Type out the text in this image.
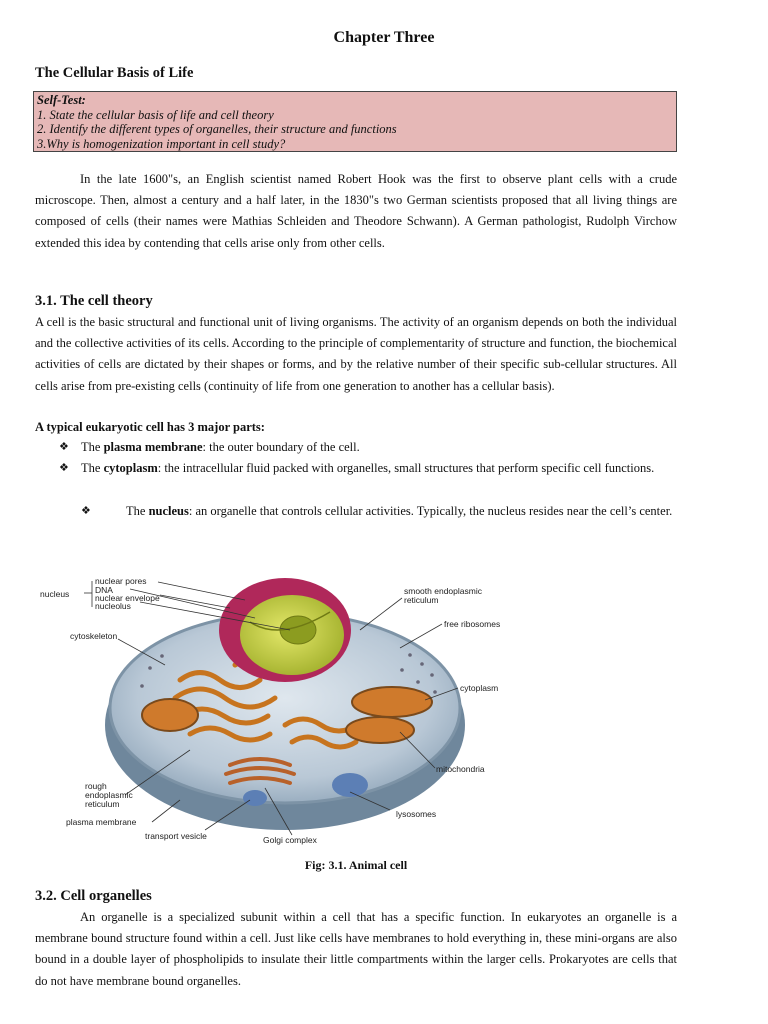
Chapter Three
The Cellular Basis of Life
Self-Test:
1. State the cellular basis of life and cell theory
2. Identify the different types of organelles, their structure and functions
3.Why is homogenization important in cell study?

In the late 1600"s, an English scientist named Robert Hook was the first to observe plant cells with a crude microscope. Then, almost a century and a half later, in the 1830"s two German scientists proposed that all living things are composed of cells (their names were Mathias Schleiden and Theodore Schwann). A German pathologist, Rudolph Virchow extended this idea by contending that cells arise only from other cells.

3.1. The cell theory

A cell is the basic structural and functional unit of living organisms. The activity of an organism depends on both the individual and the collective activities of its cells. According to the principle of complementarity of structure and function, the biochemical activities of cells are dictated by their shapes or forms, and by the relative number of their specific sub-cellular structures. All cells arise from pre-existing cells (continuity of life from one generation to another has a cellular basis).

A typical eukaryotic cell has 3 major parts:
❖ The plasma membrane: the outer boundary of the cell.
❖ The cytoplasm: the intracellular fluid packed with organelles, small structures that perform specific cell functions.
❖	The nucleus: an organelle that controls cellular activities. Typically, the nucleus resides near the cell’s center.
nucleus
nuclear pores
DNA
nuclear envelope
nucleolus
cytoskeleton
smooth endoplasmic
reticulum
free ribosomes
cytoplasm
mitochondria
lysosomes
rough
endoplasmic
reticulum
plasma membrane
transport vesicle	Golgi complex
Fig: 3.1. Animal cell
3.2. Cell organelles

An organelle is a specialized subunit within a cell that has a specific function. In eukaryotes an organelle is a membrane bound structure found within a cell. Just like cells have membranes to hold everything in, these mini-organs are also bound in a double layer of phospholipids to insulate their little compartments within the larger cells. Prokaryotes are cells that do not have membrane bound organelles.
